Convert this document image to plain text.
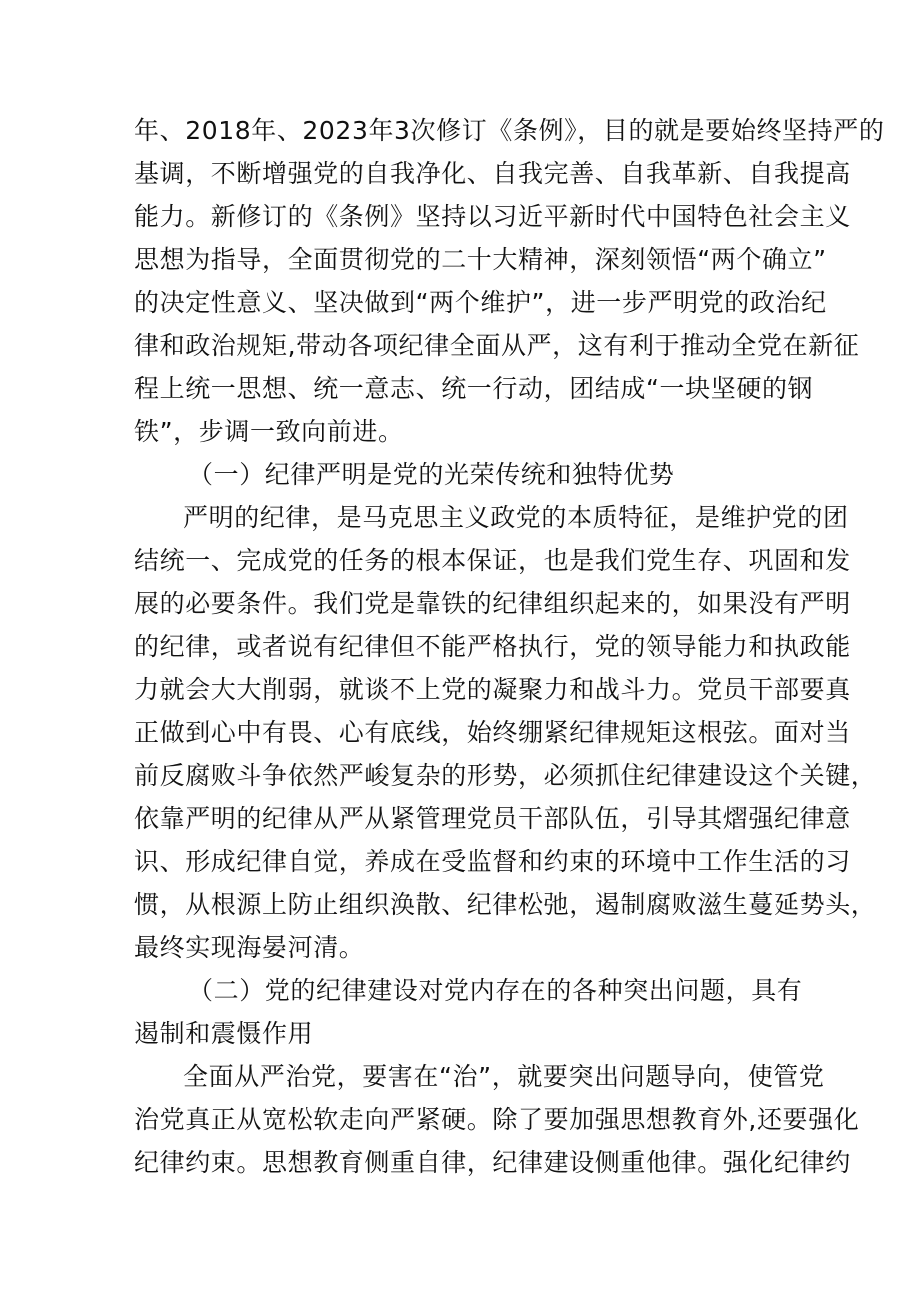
年、2018年、2023年3次修订《条例》，目的就是要始终坚持严的
基调，不断增强党的自我净化、自我完善、自我革新、自我提高
能力。新修订的《条例》坚持以习近平新时代中国特色社会主义
思想为指导，全面贯彻党的二十大精神，深刻领悟“两个确立”
的决定性意义、坚决做到“两个维护”，进一步严明党的政治纪
律和政治规矩,带动各项纪律全面从严，这有利于推动全党在新征
程上统一思想、统一意志、统一行动，团结成“一块坚硬的钢
铁”，步调一致向前进。
（一）纪律严明是党的光荣传统和独特优势
严明的纪律，是马克思主义政党的本质特征，是维护党的团
结统一、完成党的任务的根本保证，也是我们党生存、巩固和发
展的必要条件。我们党是靠铁的纪律组织起来的，如果没有严明
的纪律，或者说有纪律但不能严格执行，党的领导能力和执政能
力就会大大削弱，就谈不上党的凝聚力和战斗力。党员干部要真
正做到心中有畏、心有底线，始终绷紧纪律规矩这根弦。面对当
前反腐败斗争依然严峻复杂的形势，必须抓住纪律建设这个关键，
依靠严明的纪律从严从紧管理党员干部队伍，引导其熠强纪律意
识、形成纪律自觉，养成在受监督和约束的环境中工作生活的习
惯，从根源上防止组织涣散、纪律松弛，遏制腐败滋生蔓延势头，
最终实现海晏河清。
（二）党的纪律建设对党内存在的各种突出问题，具有
遏制和震慑作用
全面从严治党，要害在“治”，就要突出问题导向，使管党
治党真正从宽松软走向严紧硬。除了要加强思想教育外,还要强化
纪律约束。思想教育侧重自律，纪律建设侧重他律。强化纪律约
